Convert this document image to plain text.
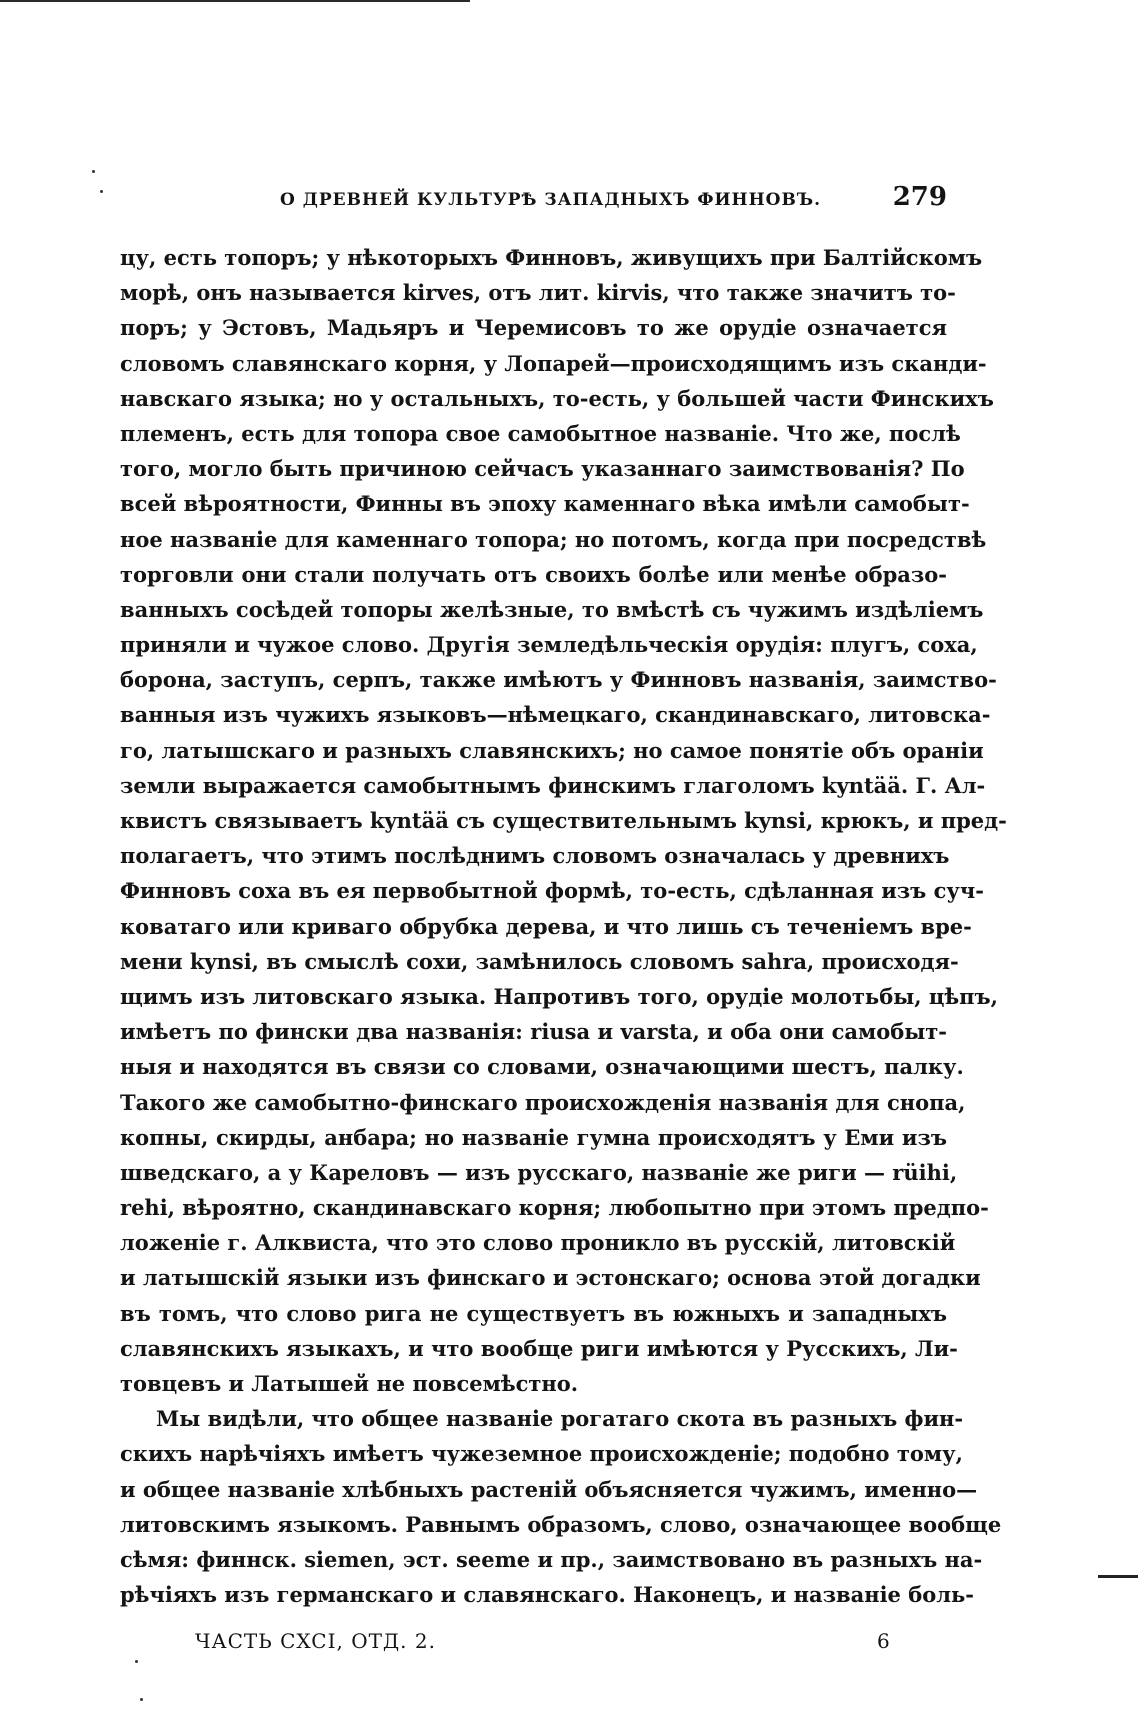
О ДРЕВНЕЙ КУЛЬТУРѢ ЗАПАДНЫХЪ ФИННОВЪ.	279
цу, есть топоръ; у нѣкоторыхъ Финновъ, живущихъ при Балтійскомъ
морѣ, онъ называется kirves, отъ лит. kirvis, что также значитъ то-
поръ; у Эстовъ, Мадьяръ и Черемисовъ то же орудіе означается
словомъ славянскаго корня, у Лопарей—происходящимъ изъ сканди-
навскаго языка; но у остальныхъ, то-есть, у большей части Финскихъ
племенъ, есть для топора свое самобытное названіе. Что же, послѣ
того, могло быть причиною сейчасъ указаннаго заимствованія? По
всей вѣроятности, Финны въ эпоху каменнаго вѣка имѣли самобыт-
ное названіе для каменнаго топора; но потомъ, когда при посредствѣ
торговли они стали получать отъ своихъ болѣе или менѣе образо-
ванныхъ сосѣдей топоры желѣзные, то вмѣстѣ съ чужимъ издѣліемъ
приняли и чужое слово. Другія земледѣльческія орудія: плугъ, соха,
борона, заступъ, серпъ, также имѣютъ у Финновъ названія, заимство-
ванныя изъ чужихъ языковъ—нѣмецкаго, скандинавскаго, литовска-
го, латышскаго и разныхъ славянскихъ; но самое понятіе объ ораніи
земли выражается самобытнымъ финскимъ глаголомъ kyntää. Г. Ал-
квистъ связываетъ kyntää съ существительнымъ kynsi, крюкъ, и пред-
полагаетъ, что этимъ послѣднимъ словомъ означалась у древнихъ
Финновъ соха въ ея первобытной формѣ, то-есть, сдѣланная изъ суч-
коватаго или криваго обрубка дерева, и что лишь съ теченіемъ вре-
мени kynsi, въ смыслѣ сохи, замѣнилось словомъ sahra, происходя-
щимъ изъ литовскаго языка. Напротивъ того, орудіе молотьбы, цѣпъ,
имѣетъ по фински два названія: riusa и varsta, и оба они самобыт-
ныя и находятся въ связи со словами, означающими шестъ, палку.
Такого же самобытно-финскаго происхожденія названія для снопа,
копны, скирды, анбара; но названіе гумна происходятъ у Еми изъ
шведскаго, а у Кареловъ — изъ русскаго, названіе же риги — rüihi,
rehi, вѣроятно, скандинавскаго корня; любопытно при этомъ предпо-
ложеніе г. Алквиста, что это слово проникло въ русскій, литовскій
и латышскій языки изъ финскаго и эстонскаго; основа этой догадки
въ томъ, что слово рига не существуетъ въ южныхъ и западныхъ
славянскихъ языкахъ, и что вообще риги имѣются у Русскихъ, Ли-
товцевъ и Латышей не повсемѣстно.
Мы видѣли, что общее названіе рогатаго скота въ разныхъ фин-
скихъ нарѣчіяхъ имѣетъ чужеземное происхожденіе; подобно тому,
и общее названіе хлѣбныхъ растеній объясняется чужимъ, именно—
литовскимъ языкомъ. Равнымъ образомъ, слово, означающее вообще
сѣмя: финнск. siemen, эст. seeme и пр., заимствовано въ разныхъ на-
рѣчіяхъ изъ германскаго и славянскаго. Наконецъ, и названіе боль-
ЧАСТЬ CXCI, ОТД. 2.	6
